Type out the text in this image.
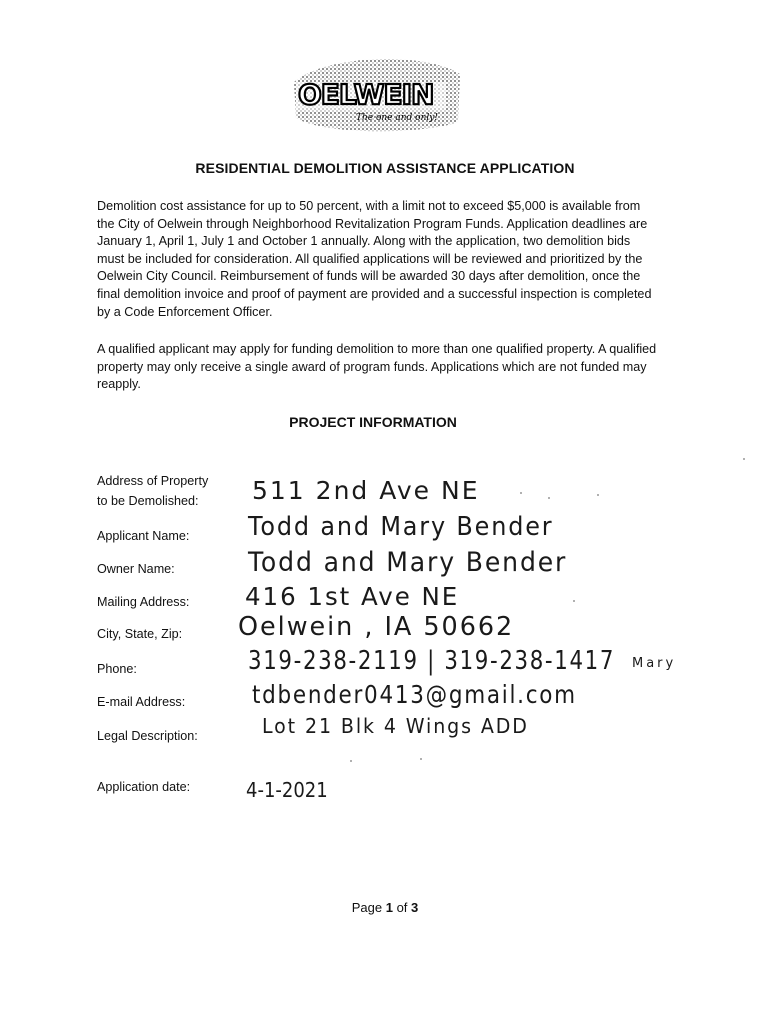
OELWEIN
The one and only!
RESIDENTIAL DEMOLITION ASSISTANCE APPLICATION
Demolition cost assistance for up to 50 percent, with a limit not to exceed $5,000 is available from the City of Oelwein through Neighborhood Revitalization Program Funds. Application deadlines are January 1, April 1, July 1 and October 1 annually. Along with the application, two demolition bids must be included for consideration. All qualified applications will be reviewed and prioritized by the Oelwein City Council. Reimbursement of funds will be awarded 30 days after demolition, once the final demolition invoice and proof of payment are provided and a successful inspection is completed by a Code Enforcement Officer.
A qualified applicant may apply for funding demolition to more than one qualified property. A qualified property may only receive a single award of program funds. Applications which are not funded may reapply.
PROJECT INFORMATION
Address of Property
to be Demolished: 511 2nd Ave NE
Applicant Name: Todd and Mary Bender
Owner Name:	Todd and Mary Bender
Mailing Address: 416 1st Ave NE
City, State, Zip: Oelwein , IA 50662
Phone:	319-238-2119 | 319-238-1417 Mary
E-mail Address:	tdbender0413@gmail.com
Legal Description:	Lot 21 Blk 4 Wings ADD
Application date:	4-1-2021
Page 1 of 3
